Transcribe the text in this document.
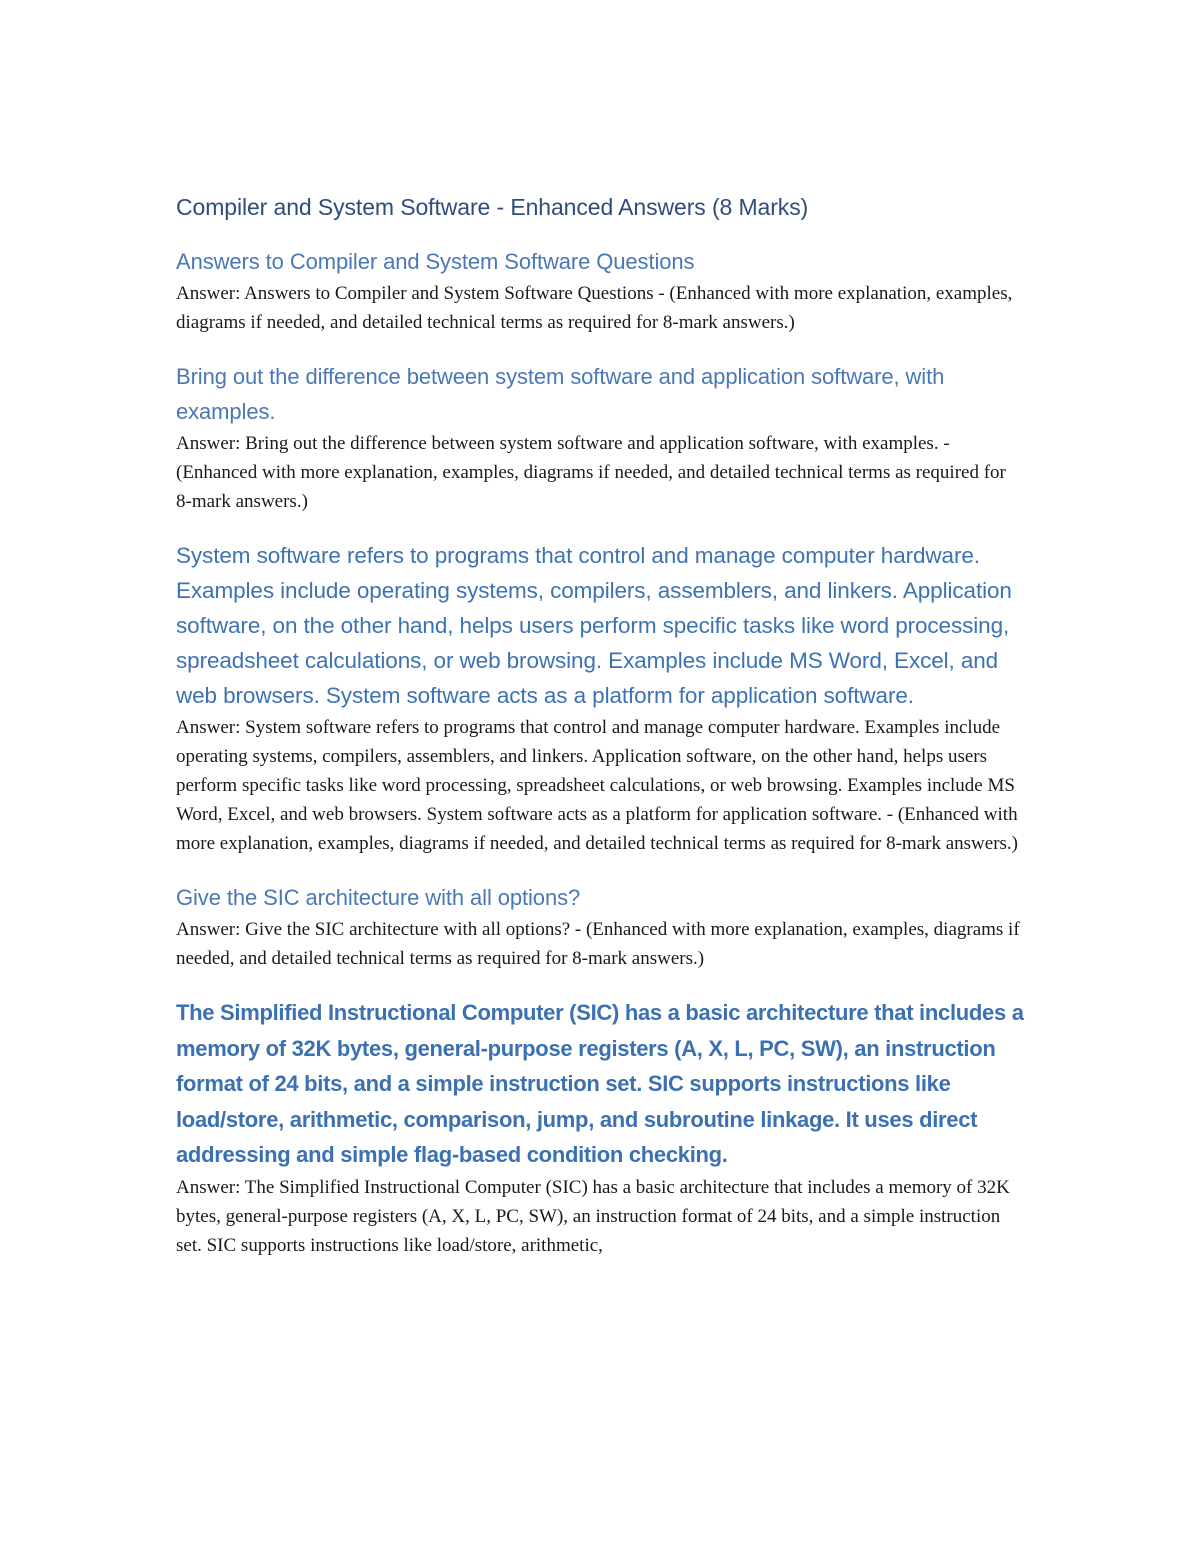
Compiler and System Software - Enhanced Answers (8 Marks)
Answers to Compiler and System Software Questions
Answer: Answers to Compiler and System Software Questions - (Enhanced with more explanation, examples, diagrams if needed, and detailed technical terms as required for 8-mark answers.)
Bring out the difference between system software and application software, with examples.
Answer: Bring out the difference between system software and application software, with examples. - (Enhanced with more explanation, examples, diagrams if needed, and detailed technical terms as required for 8-mark answers.)
System software refers to programs that control and manage computer hardware. Examples include operating systems, compilers, assemblers, and linkers. Application software, on the other hand, helps users perform specific tasks like word processing, spreadsheet calculations, or web browsing. Examples include MS Word, Excel, and web browsers. System software acts as a platform for application software.
Answer: System software refers to programs that control and manage computer hardware. Examples include operating systems, compilers, assemblers, and linkers. Application software, on the other hand, helps users perform specific tasks like word processing, spreadsheet calculations, or web browsing. Examples include MS Word, Excel, and web browsers. System software acts as a platform for application software. - (Enhanced with more explanation, examples, diagrams if needed, and detailed technical terms as required for 8-mark answers.)
Give the SIC architecture with all options?
Answer: Give the SIC architecture with all options? - (Enhanced with more explanation, examples, diagrams if needed, and detailed technical terms as required for 8-mark answers.)
The Simplified Instructional Computer (SIC) has a basic architecture that includes a memory of 32K bytes, general-purpose registers (A, X, L, PC, SW), an instruction format of 24 bits, and a simple instruction set. SIC supports instructions like load/store, arithmetic, comparison, jump, and subroutine linkage. It uses direct addressing and simple flag-based condition checking.
Answer: The Simplified Instructional Computer (SIC) has a basic architecture that includes a memory of 32K bytes, general-purpose registers (A, X, L, PC, SW), an instruction format of 24 bits, and a simple instruction set. SIC supports instructions like load/store, arithmetic,
